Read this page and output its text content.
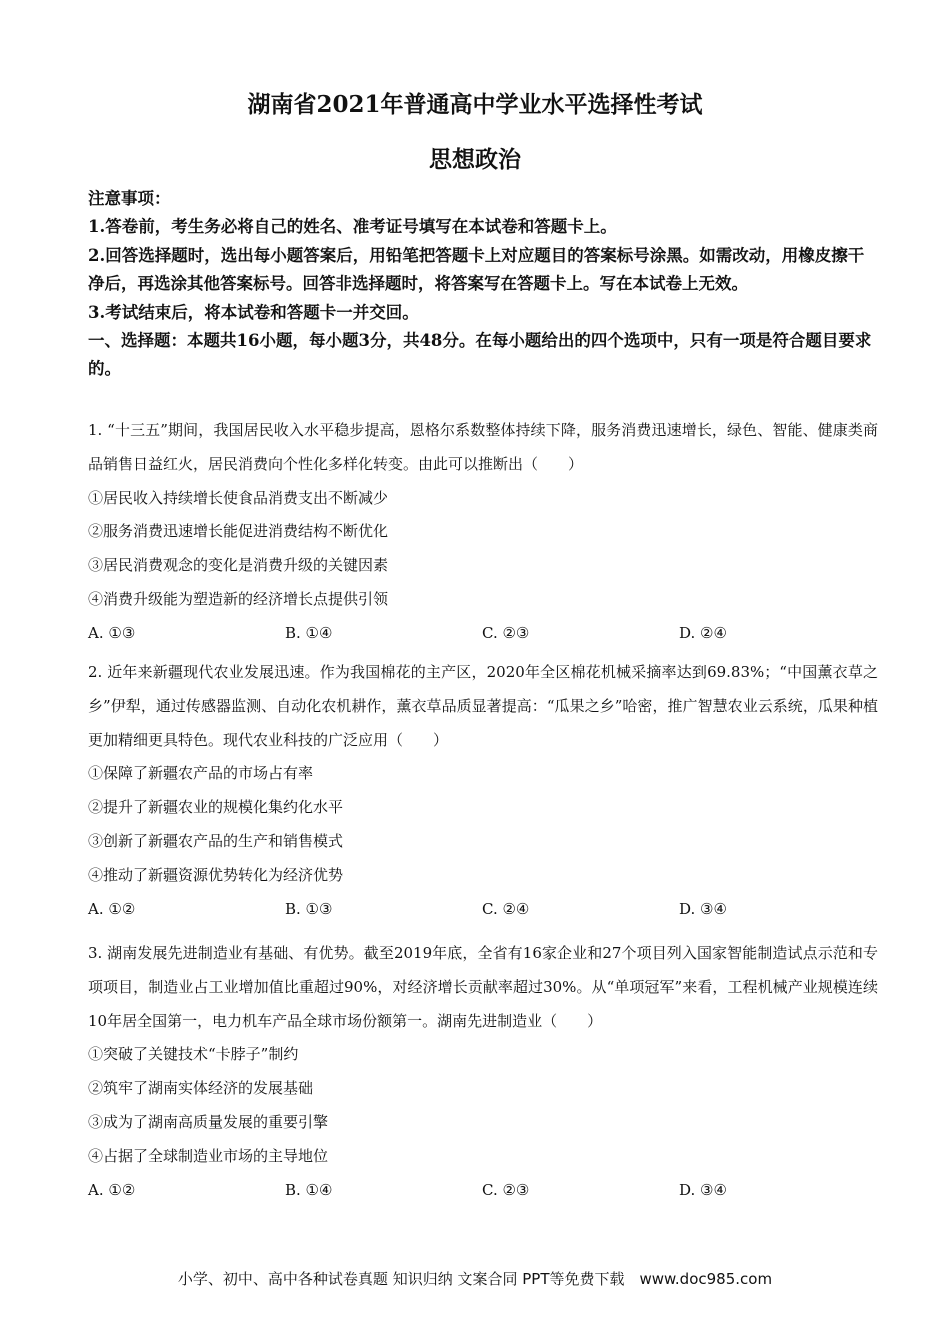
湖南省2021年普通高中学业水平选择性考试
思想政治

注意事项：

1.答卷前，考生务必将自己的姓名、准考证号填写在本试卷和答题卡上。

2.回答选择题时，选出每小题答案后，用铅笔把答题卡上对应题目的答案标号涂黑。如需改动，用橡皮擦干净后，再选涂其他答案标号。回答非选择题时，将答案写在答题卡上。写在本试卷上无效。

3.考试结束后，将本试卷和答题卡一并交回。

一、选择题：本题共16小题，每小题3分，共48分。在每小题给出的四个选项中，只有一项是符合题目要求的。

1. “十三五”期间，我国居民收入水平稳步提高，恩格尔系数整体持续下降，服务消费迅速增长，绿色、智能、健康类商品销售日益红火，居民消费向个性化多样化转变。由此可以推断出（　　）

①居民收入持续增长使食品消费支出不断减少

②服务消费迅速增长能促进消费结构不断优化

③居民消费观念的变化是消费升级的关键因素

④消费升级能为塑造新的经济增长点提供引领

A. ①③	B. ①④	C. ②③	D. ②④

2. 近年来新疆现代农业发展迅速。作为我国棉花的主产区，2020年全区棉花机械采摘率达到69.83%；“中国薰衣草之乡”伊犁，通过传感器监测、自动化农机耕作，薰衣草品质显著提高：“瓜果之乡”哈密，推广智慧农业云系统，瓜果种植更加精细更具特色。现代农业科技的广泛应用（　　）

①保障了新疆农产品的市场占有率

②提升了新疆农业的规模化集约化水平

③创新了新疆农产品的生产和销售模式

④推动了新疆资源优势转化为经济优势

A. ①②	B. ①③	C. ②④	D. ③④

3. 湖南发展先进制造业有基础、有优势。截至2019年底，全省有16家企业和27个项目列入国家智能制造试点示范和专项项目，制造业占工业增加值比重超过90%，对经济增长贡献率超过30%。从“单项冠军”来看，工程机械产业规模连续10年居全国第一，电力机车产品全球市场份额第一。湖南先进制造业（　　）

①突破了关键技术“卡脖子”制约

②筑牢了湖南实体经济的发展基础

③成为了湖南高质量发展的重要引擎

④占据了全球制造业市场的主导地位

A. ①②	B. ①④	C. ②③	D. ③④
小学、初中、高中各种试卷真题 知识归纳 文案合同 PPT等免费下载　www.doc985.com
